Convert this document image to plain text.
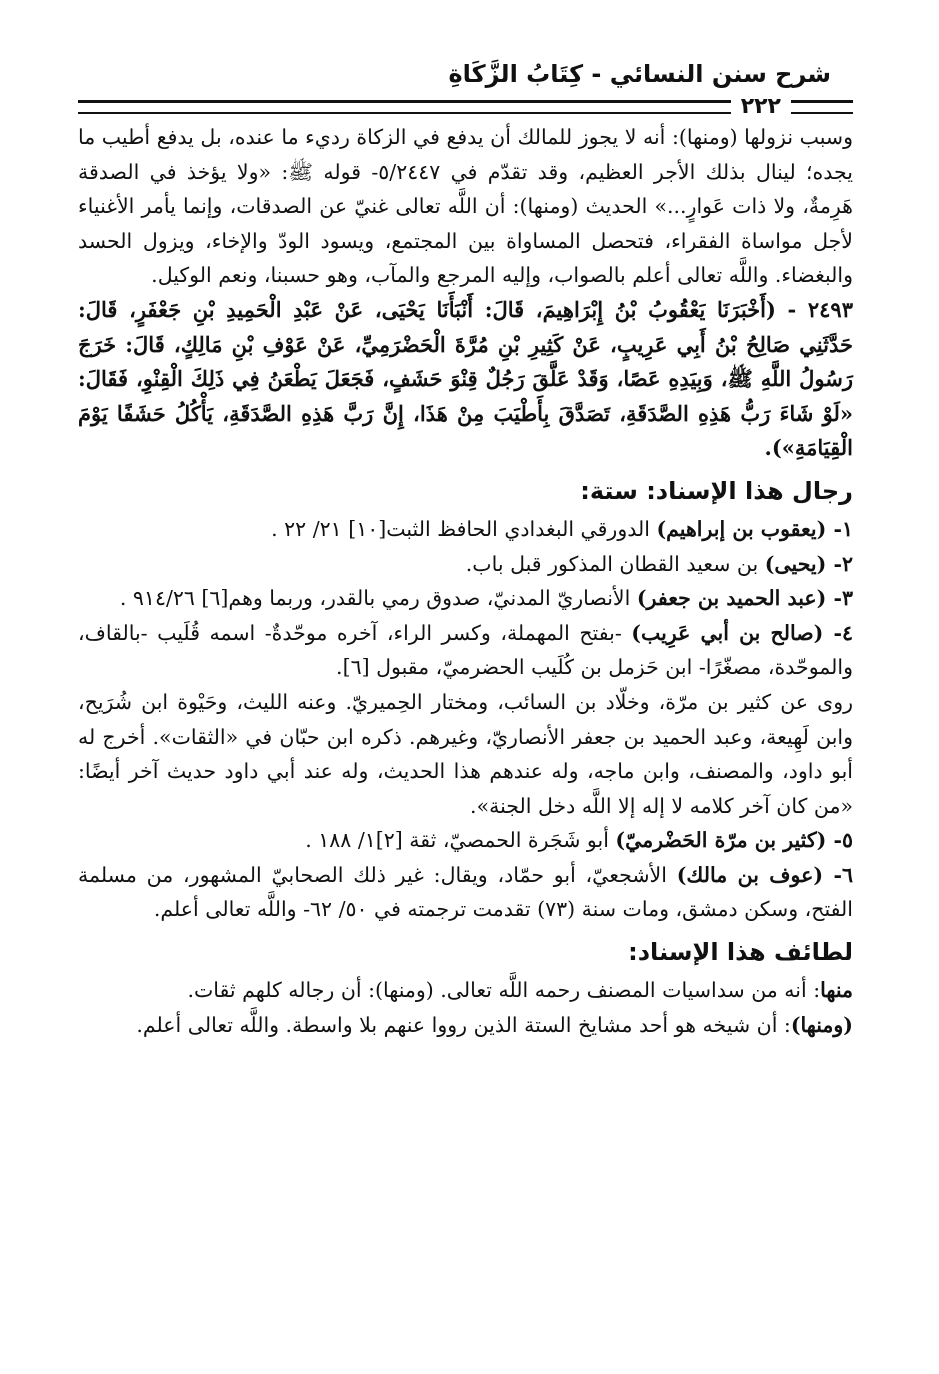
شرح سنن النسائي - كِتَابُ الزَّكَاةِ
٢٢٢

وسبب نزولها (ومنها): أنه لا يجوز للمالك أن يدفع في الزكاة رديء ما عنده، بل يدفع أطيب ما يجده؛ لينال بذلك الأجر العظيم، وقد تقدّم في ٥/٢٤٤٧- قوله ﷺ: «ولا يؤخذ في الصدقة هَرِمةٌ، ولا ذات عَوارٍ...» الحديث (ومنها): أن اللَّه تعالى غنيّ عن الصدقات، وإنما يأمر الأغنياء لأجل مواساة الفقراء، فتحصل المساواة بين المجتمع، ويسود الودّ والإخاء، ويزول الحسد والبغضاء. واللَّه تعالى أعلم بالصواب، وإليه المرجع والمآب، وهو حسبنا، ونعم الوكيل.

٢٤٩٣ - (أَخْبَرَنَا يَعْقُوبُ بْنُ إِبْرَاهِيمَ، قَالَ: أَنْبَأَنَا يَحْيَى، عَنْ عَبْدِ الْحَمِيدِ بْنِ جَعْفَرٍ، قَالَ: حَدَّثَنِي صَالِحُ بْنُ أَبِي عَرِيبٍ، عَنْ كَثِيرِ بْنِ مُرَّةَ الْحَضْرَمِيِّ، عَنْ عَوْفِ بْنِ مَالِكٍ، قَالَ: خَرَجَ رَسُولُ اللَّهِ ﷺ، وَبِيَدِهِ عَصًا، وَقَدْ عَلَّقَ رَجُلٌ قِنْوَ حَشَفٍ، فَجَعَلَ يَطْعَنُ فِي ذَلِكَ الْقِنْوِ، فَقَالَ: «لَوْ شَاءَ رَبُّ هَذِهِ الصَّدَقَةِ، تَصَدَّقَ بِأَطْيَبَ مِنْ هَذَا، إِنَّ رَبَّ هَذِهِ الصَّدَقَةِ، يَأْكُلُ حَشَفًا يَوْمَ الْقِيَامَةِ»).

رجال هذا الإسناد: ستة:

١- (يعقوب بن إبراهيم) الدورقي البغدادي الحافظ الثبت[١٠] ٢١/ ٢٢ .

٢- (يحيى) بن سعيد القطان المذكور قبل باب.

٣- (عبد الحميد بن جعفر) الأنصاريّ المدنيّ، صدوق رمي بالقدر، وربما وهم[٦] ٩١٤/٢٦ .

٤- (صالح بن أبي عَرِيب) -بفتح المهملة، وكسر الراء، آخره موحّدةٌ- اسمه قُلَيب -بالقاف، والموحّدة، مصغّرًا- ابن حَزمل بن كُلَيب الحضرميّ، مقبول [٦].

روى عن كثير بن مرّة، وخلّاد بن السائب، ومختار الحِميريّ. وعنه الليث، وحَيْوة ابن شُرَيح، وابن لَهِيعة، وعبد الحميد بن جعفر الأنصاريّ، وغيرهم. ذكره ابن حبّان في «الثقات». أخرج له أبو داود، والمصنف، وابن ماجه، وله عندهم هذا الحديث، وله عند أبي داود حديث آخر أيضًا: «من كان آخر كلامه لا إله إلا اللَّه دخل الجنة».

٥- (كثير بن مرّة الحَضْرميّ) أبو شَجَرة الحمصيّ، ثقة [٢]١/ ١٨٨ .

٦- (عوف بن مالك) الأشجعيّ، أبو حمّاد، ويقال: غير ذلك الصحابيّ المشهور، من مسلمة الفتح، وسكن دمشق، ومات سنة (٧٣) تقدمت ترجمته في ٥٠/ ٦٢- واللَّه تعالى أعلم.

لطائف هذا الإسناد:

منها: أنه من سداسيات المصنف رحمه اللَّه تعالى. (ومنها): أن رجاله كلهم ثقات.

(ومنها): أن شيخه هو أحد مشايخ الستة الذين رووا عنهم بلا واسطة. واللَّه تعالى أعلم.
